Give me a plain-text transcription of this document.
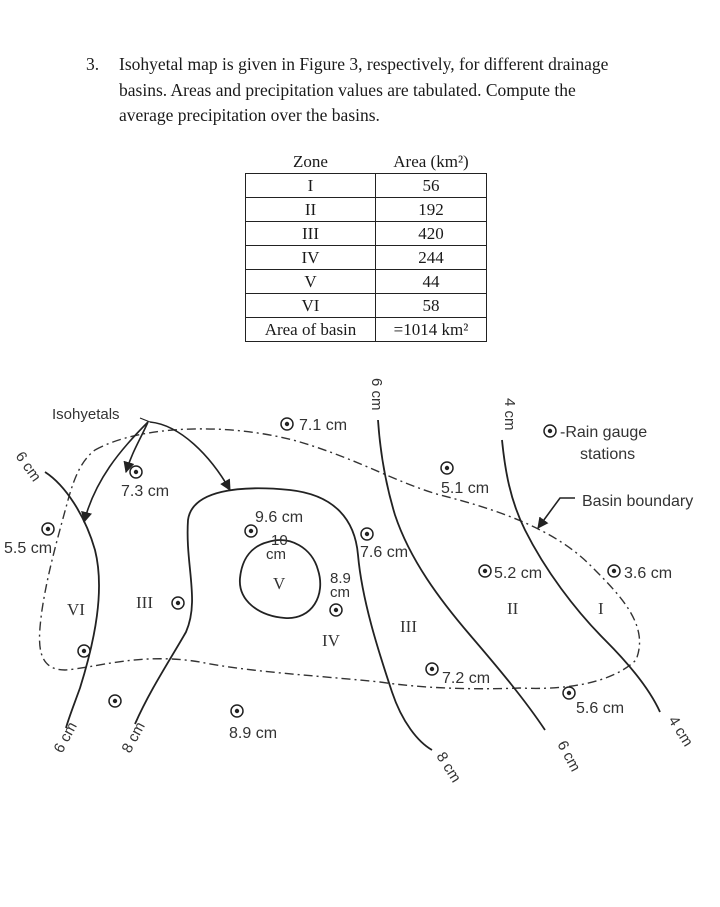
3. Isohyetal map is given in Figure 3, respectively, for different drainage basins. Areas and precipitation values are tabulated. Compute the average precipitation over the basins.
Zone	Area (km²)
I	56
II	192
III	420
IV	244
V	44
VI	58
Area of basin	=1014 km²
Isohyetals
-Rain gauge
stations
Basin boundary
6 cm
6 cm	8 cm
6 cm
8 cm
4 cm
6 cm
4 cm
10
cm
7.1 cm
7.3 cm
5.5 cm
9.6 cm
7.6 cm
8.9
cm
5.1 cm
5.2 cm	3.6 cm
7.2 cm
5.6 cm
8.9 cm
I
II
III
IV
V
VI	III
